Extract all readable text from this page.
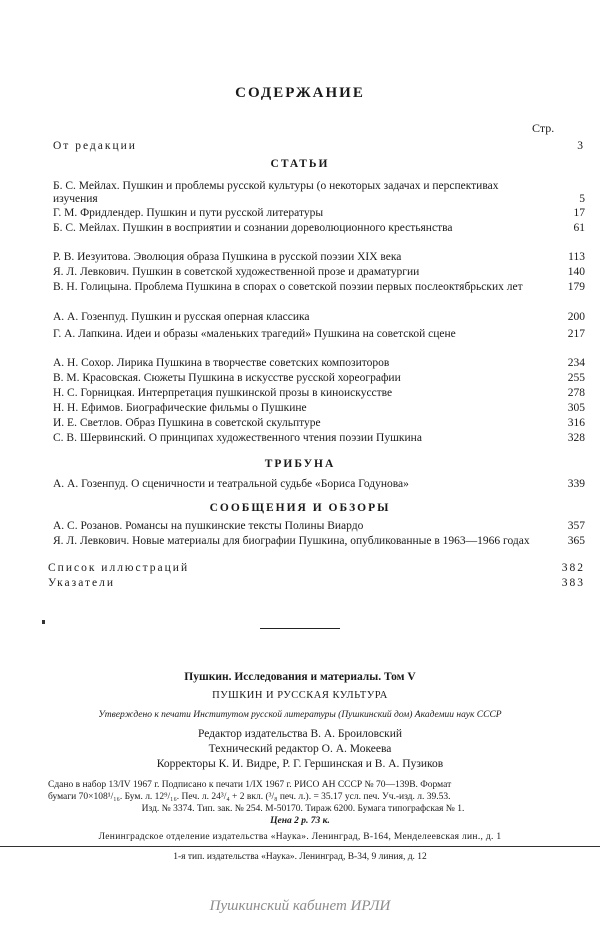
СОДЕРЖАНИЕ
Стр.
От редакции	3
СТАТЬИ
Б. С. Мейлах. Пушкин и проблемы русской культуры (о некоторых задачах и перспективах изучения	5
Г. М. Фридлендер. Пушкин и пути русской литературы	17
Б. С. Мейлах. Пушкин в восприятии и сознании дореволюционного крестьянства	61
Р. В. Иезуитова. Эволюция образа Пушкина в русской поэзии XIX века	113
Я. Л. Левкович. Пушкин в советской художественной прозе и драматургии	140
В. Н. Голицына. Проблема Пушкина в спорах о советской поэзии первых послеоктябрьских лет	179
А. А. Гозенпуд. Пушкин и русская оперная классика	200
Г. А. Лапкина. Идеи и образы «маленьких трагедий» Пушкина на советской сцене	217
А. Н. Сохор. Лирика Пушкина в творчестве советских композиторов	234
В. М. Красовская. Сюжеты Пушкина в искусстве русской хореографии	255
Н. С. Горницкая. Интерпретация пушкинской прозы в киноискусстве	278
Н. Н. Ефимов. Биографические фильмы о Пушкине	305
И. Е. Светлов. Образ Пушкина в советской скульптуре	316
С. В. Шервинский. О принципах художественного чтения поэзии Пушкина	328
ТРИБУНА
А. А. Гозенпуд. О сценичности и театральной судьбе «Бориса Годунова»	339
СООБЩЕНИЯ И ОБЗОРЫ
А. С. Розанов. Романсы на пушкинские тексты Полины Виардо	357
Я. Л. Левкович. Новые материалы для биографии Пушкина, опубликованные в 1963—1966 годах	365
Список иллюстраций	382
Указатели	383
Пушкин. Исследования и материалы. Том V
ПУШКИН И РУССКАЯ КУЛЬТУРА
Утверждено к печати Институтом русской литературы (Пушкинский дом) Академии наук СССР
Редактор издательства В. А. Броиловский
Технический редактор О. А. Мокеева
Корректоры К. И. Видре, Р. Г. Гершинская и В. А. Пузиков
Сдано в набор 13/IV 1967 г. Подписано к печати 1/IX 1967 г. РИСО АН СССР № 70—139В. Формат
бумаги 70×108¹/₁₆. Бум. л. 12⁹/₁₆. Печ. л. 24³/₄ + 2 вкл. (³/₈ печ. л.). = 35.17 усл. печ. Уч.-изд. л. 39.53.
Изд. № 3374. Тип. зак. № 254. М-50170. Тираж 6200. Бумага типографская № 1.
Цена 2 р. 73 к.
Ленинградское отделение издательства «Наука». Ленинград, В-164, Менделеевская лин., д. 1
1-я тип. издательства «Наука». Ленинград, В-34, 9 линия, д. 12
Пушкинский кабинет ИРЛИ
